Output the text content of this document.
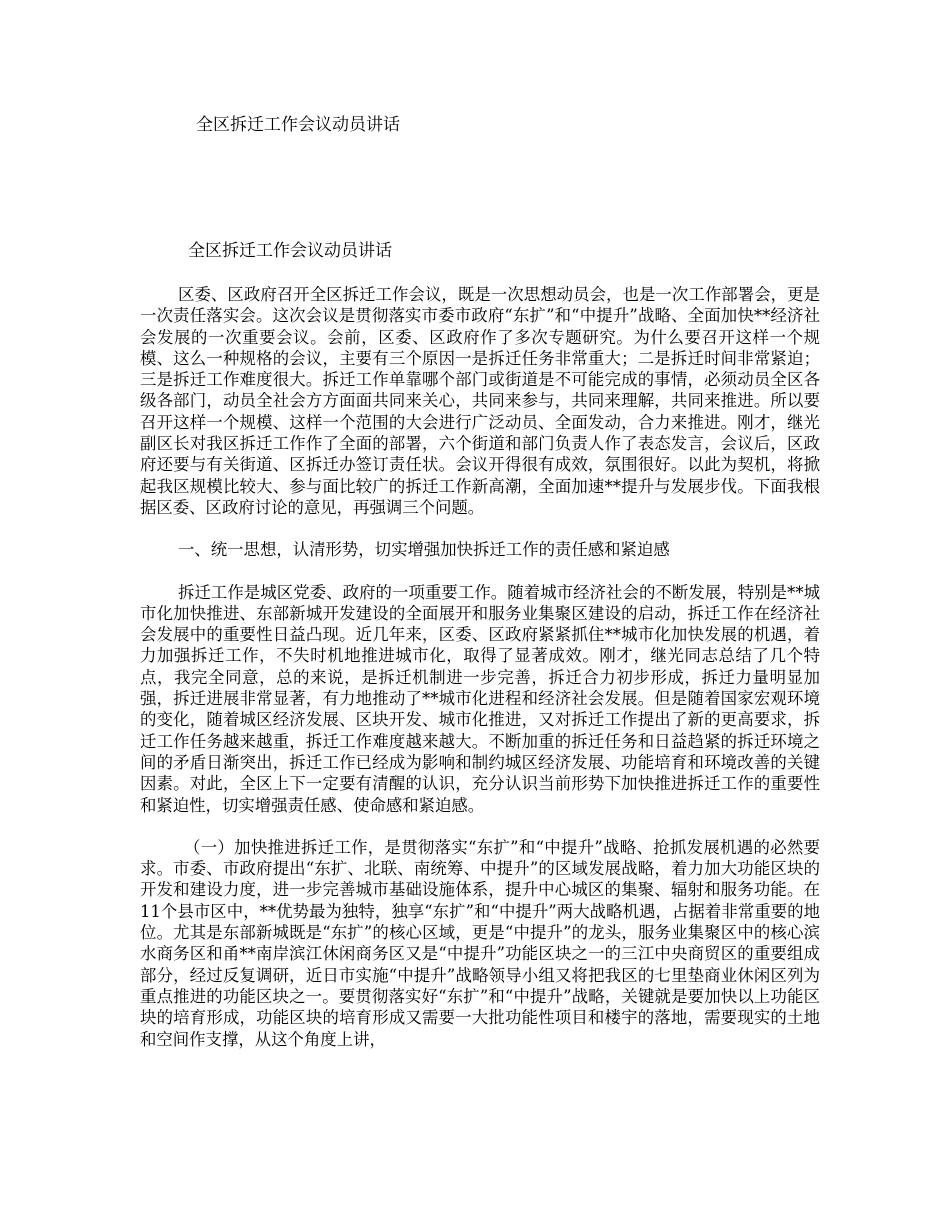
全区拆迁工作会议动员讲话
全区拆迁工作会议动员讲话

区委、区政府召开全区拆迁工作会议，既是一次思想动员会，也是一次工作部署会，更是一次责任落实会。这次会议是贯彻落实市委市政府“东扩”和“中提升”战略、全面加快**经济社会发展的一次重要会议。会前，区委、区政府作了多次专题研究。为什么要召开这样一个规模、这么一种规格的会议，主要有三个原因一是拆迁任务非常重大；二是拆迁时间非常紧迫；三是拆迁工作难度很大。拆迁工作单靠哪个部门或街道是不可能完成的事情，必须动员全区各级各部门，动员全社会方方面面共同来关心，共同来参与，共同来理解，共同来推进。所以要召开这样一个规模、这样一个范围的大会进行广泛动员、全面发动，合力来推进。刚才，继光副区长对我区拆迁工作作了全面的部署，六个街道和部门负责人作了表态发言，会议后，区政府还要与有关街道、区拆迁办签订责任状。会议开得很有成效，氛围很好。以此为契机，将掀起我区规模比较大、参与面比较广的拆迁工作新高潮，全面加速**提升与发展步伐。下面我根据区委、区政府讨论的意见，再强调三个问题。

一、统一思想，认清形势，切实增强加快拆迁工作的责任感和紧迫感

拆迁工作是城区党委、政府的一项重要工作。随着城市经济社会的不断发展，特别是**城市化加快推进、东部新城开发建设的全面展开和服务业集聚区建设的启动，拆迁工作在经济社会发展中的重要性日益凸现。近几年来，区委、区政府紧紧抓住**城市化加快发展的机遇，着力加强拆迁工作，不失时机地推进城市化，取得了显著成效。刚才，继光同志总结了几个特点，我完全同意，总的来说，是拆迁机制进一步完善，拆迁合力初步形成，拆迁力量明显加强，拆迁进展非常显著，有力地推动了**城市化进程和经济社会发展。但是随着国家宏观环境的变化，随着城区经济发展、区块开发、城市化推进，又对拆迁工作提出了新的更高要求，拆迁工作任务越来越重，拆迁工作难度越来越大。不断加重的拆迁任务和日益趋紧的拆迁环境之间的矛盾日渐突出，拆迁工作已经成为影响和制约城区经济发展、功能培育和环境改善的关键因素。对此，全区上下一定要有清醒的认识，充分认识当前形势下加快推进拆迁工作的重要性和紧迫性，切实增强责任感、使命感和紧迫感。

（一）加快推进拆迁工作，是贯彻落实“东扩”和“中提升”战略、抢抓发展机遇的必然要求。市委、市政府提出“东扩、北联、南统筹、中提升”的区域发展战略，着力加大功能区块的开发和建设力度，进一步完善城市基础设施体系，提升中心城区的集聚、辐射和服务功能。在11个县市区中，**优势最为独特，独享“东扩”和“中提升”两大战略机遇，占据着非常重要的地位。尤其是东部新城既是“东扩”的核心区域，更是“中提升”的龙头，服务业集聚区中的核心滨水商务区和甬**南岸滨江休闲商务区又是“中提升”功能区块之一的三江中央商贸区的重要组成部分，经过反复调研，近日市实施“中提升”战略领导小组又将把我区的七里垫商业休闲区列为重点推进的功能区块之一。要贯彻落实好“东扩”和“中提升”战略，关键就是要加快以上功能区块的培育形成，功能区块的培育形成又需要一大批功能性项目和楼宇的落地，需要现实的土地和空间作支撑，从这个角度上讲，
